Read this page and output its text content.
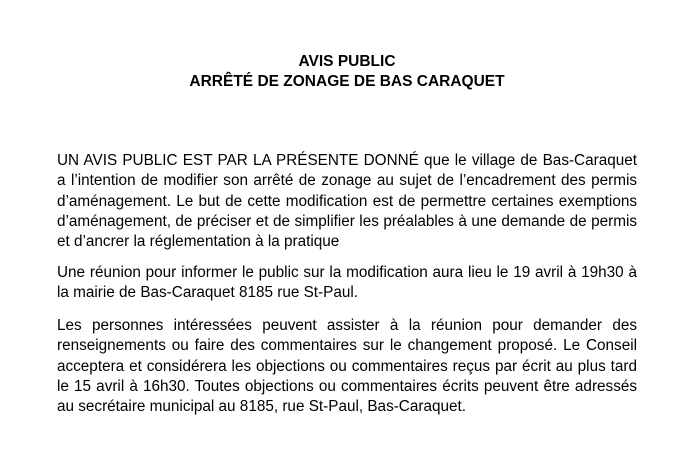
AVIS PUBLIC
ARRÊTÉ DE ZONAGE DE BAS CARAQUET

UN AVIS PUBLIC EST PAR LA PRÉSENTE DONNÉ que le village de Bas-Caraquet a l’intention de modifier son arrêté de zonage au sujet de l’encadrement des permis d’aménagement. Le but de cette modification est de permettre certaines exemptions d’aménagement, de préciser et de simplifier les préalables à une demande de permis et d’ancrer la réglementation à la pratique

Une réunion pour informer le public sur la modification aura lieu le 19 avril à 19h30 à la mairie de Bas-Caraquet 8185 rue St-Paul.

Les personnes intéressées peuvent assister à la réunion pour demander des renseignements ou faire des commentaires sur le changement proposé. Le Conseil acceptera et considérera les objections ou commentaires reçus par écrit au plus tard le 15 avril à 16h30. Toutes objections ou commentaires écrits peuvent être adressés au secrétaire municipal au 8185, rue St-Paul, Bas-Caraquet.
